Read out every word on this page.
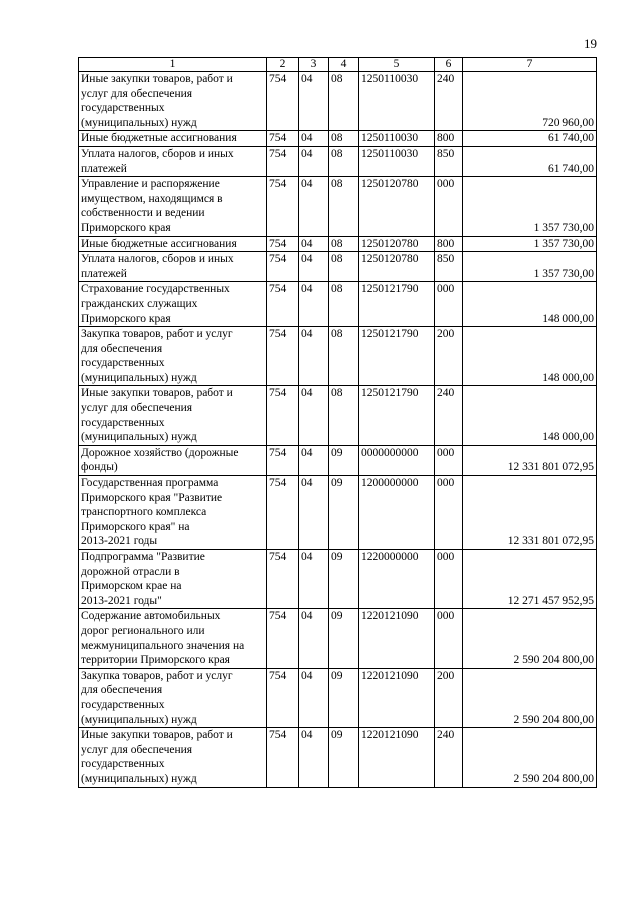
19
1	2	3	4	5	6	7
Иные закупки товаров, работ и
услуг для обеспечения
государственных
(муниципальных) нужд	754	04	08	1250110030	240	720 960,00
Иные бюджетные ассигнования	754	04	08	1250110030	800	61 740,00
Уплата налогов, сборов и иных
платежей	754	04	08	1250110030	850	61 740,00
Управление и распоряжение
имуществом, находящимся в
собственности и ведении
Приморского края	754	04	08	1250120780	000	1 357 730,00
Иные бюджетные ассигнования	754	04	08	1250120780	800	1 357 730,00
Уплата налогов, сборов и иных
платежей	754	04	08	1250120780	850	1 357 730,00
Страхование государственных
гражданских служащих
Приморского края	754	04	08	1250121790	000	148 000,00
Закупка товаров, работ и услуг
для обеспечения
государственных
(муниципальных) нужд	754	04	08	1250121790	200	148 000,00
Иные закупки товаров, работ и
услуг для обеспечения
государственных
(муниципальных) нужд	754	04	08	1250121790	240	148 000,00
Дорожное хозяйство (дорожные
фонды)	754	04	09	0000000000	000	12 331 801 072,95
Государственная программа
Приморского края "Развитие
транспортного комплекса
Приморского края" на
2013-2021 годы	754	04	09	1200000000	000	12 331 801 072,95
Подпрограмма "Развитие
дорожной отрасли в
Приморском крае на
2013-2021 годы"	754	04	09	1220000000	000	12 271 457 952,95
Содержание автомобильных
дорог регионального или
межмуниципального значения на
территории Приморского края	754	04	09	1220121090	000	2 590 204 800,00
Закупка товаров, работ и услуг
для обеспечения
государственных
(муниципальных) нужд	754	04	09	1220121090	200	2 590 204 800,00
Иные закупки товаров, работ и
услуг для обеспечения
государственных
(муниципальных) нужд	754	04	09	1220121090	240	2 590 204 800,00
